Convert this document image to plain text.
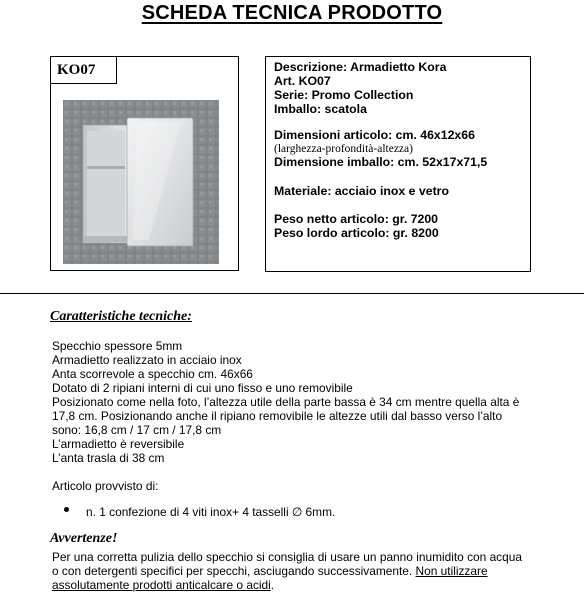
SCHEDA TECNICA PRODOTTO
KO07	Descrizione: Armadietto Kora
Art. KO07
Serie: Promo Collection
Imballo: scatola
Dimensioni articolo: cm. 46x12x66
(larghezza-profondità-altezza)
Dimensione imballo: cm. 52x17x71,5
Materiale: acciaio inox e vetro
Peso netto articolo: gr. 7200
Peso lordo articolo: gr. 8200
Caratteristiche tecniche:
Specchio spessore 5mm
Armadietto realizzato in acciaio inox
Anta scorrevole a specchio cm. 46x66
Dotato di 2 ripiani interni di cui uno fisso e uno removibile
Posizionato come nella foto, l’altezza utile della parte bassa è 34 cm mentre quella alta è
17,8 cm. Posizionando anche il ripiano removibile le altezze utili dal basso verso l’alto
sono: 16,8 cm / 17 cm / 17,8 cm
L’armadietto è reversibile
L’anta trasla di 38 cm
Articolo provvisto di:
n. 1 confezione di 4 viti inox+ 4 tasselli ∅ 6mm.
Avvertenze!
Per una corretta pulizia dello specchio si consiglia di usare un panno inumidito con acqua
o con detergenti specifici per specchi, asciugando successivamente. Non utilizzare
assolutamente prodotti anticalcare o acidi.
